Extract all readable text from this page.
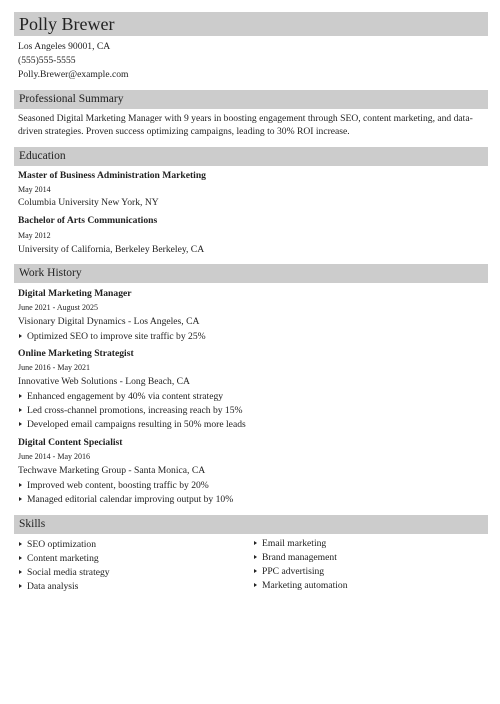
Polly Brewer
Los Angeles 90001, CA
(555)555-5555
Polly.Brewer@example.com
Professional Summary
Seasoned Digital Marketing Manager with 9 years in boosting engagement through SEO, content marketing, and data-
driven strategies. Proven success optimizing campaigns, leading to 30% ROI increase.
Education
Master of Business Administration Marketing
May 2014
Columbia University New York, NY
Bachelor of Arts Communications
May 2012
University of California, Berkeley Berkeley, CA
Work History
Digital Marketing Manager
June 2021 - August 2025
Visionary Digital Dynamics - Los Angeles, CA
Optimized SEO to improve site traffic by 25%
Online Marketing Strategist
June 2016 - May 2021
Innovative Web Solutions - Long Beach, CA
Enhanced engagement by 40% via content strategy
Led cross-channel promotions, increasing reach by 15%
Developed email campaigns resulting in 50% more leads
Digital Content Specialist
June 2014 - May 2016
Techwave Marketing Group - Santa Monica, CA
Improved web content, boosting traffic by 20%
Managed editorial calendar improving output by 10%
Skills
SEO optimization
Content marketing
Social media strategy
Data analysis
Email marketing
Brand management
PPC advertising
Marketing automation
